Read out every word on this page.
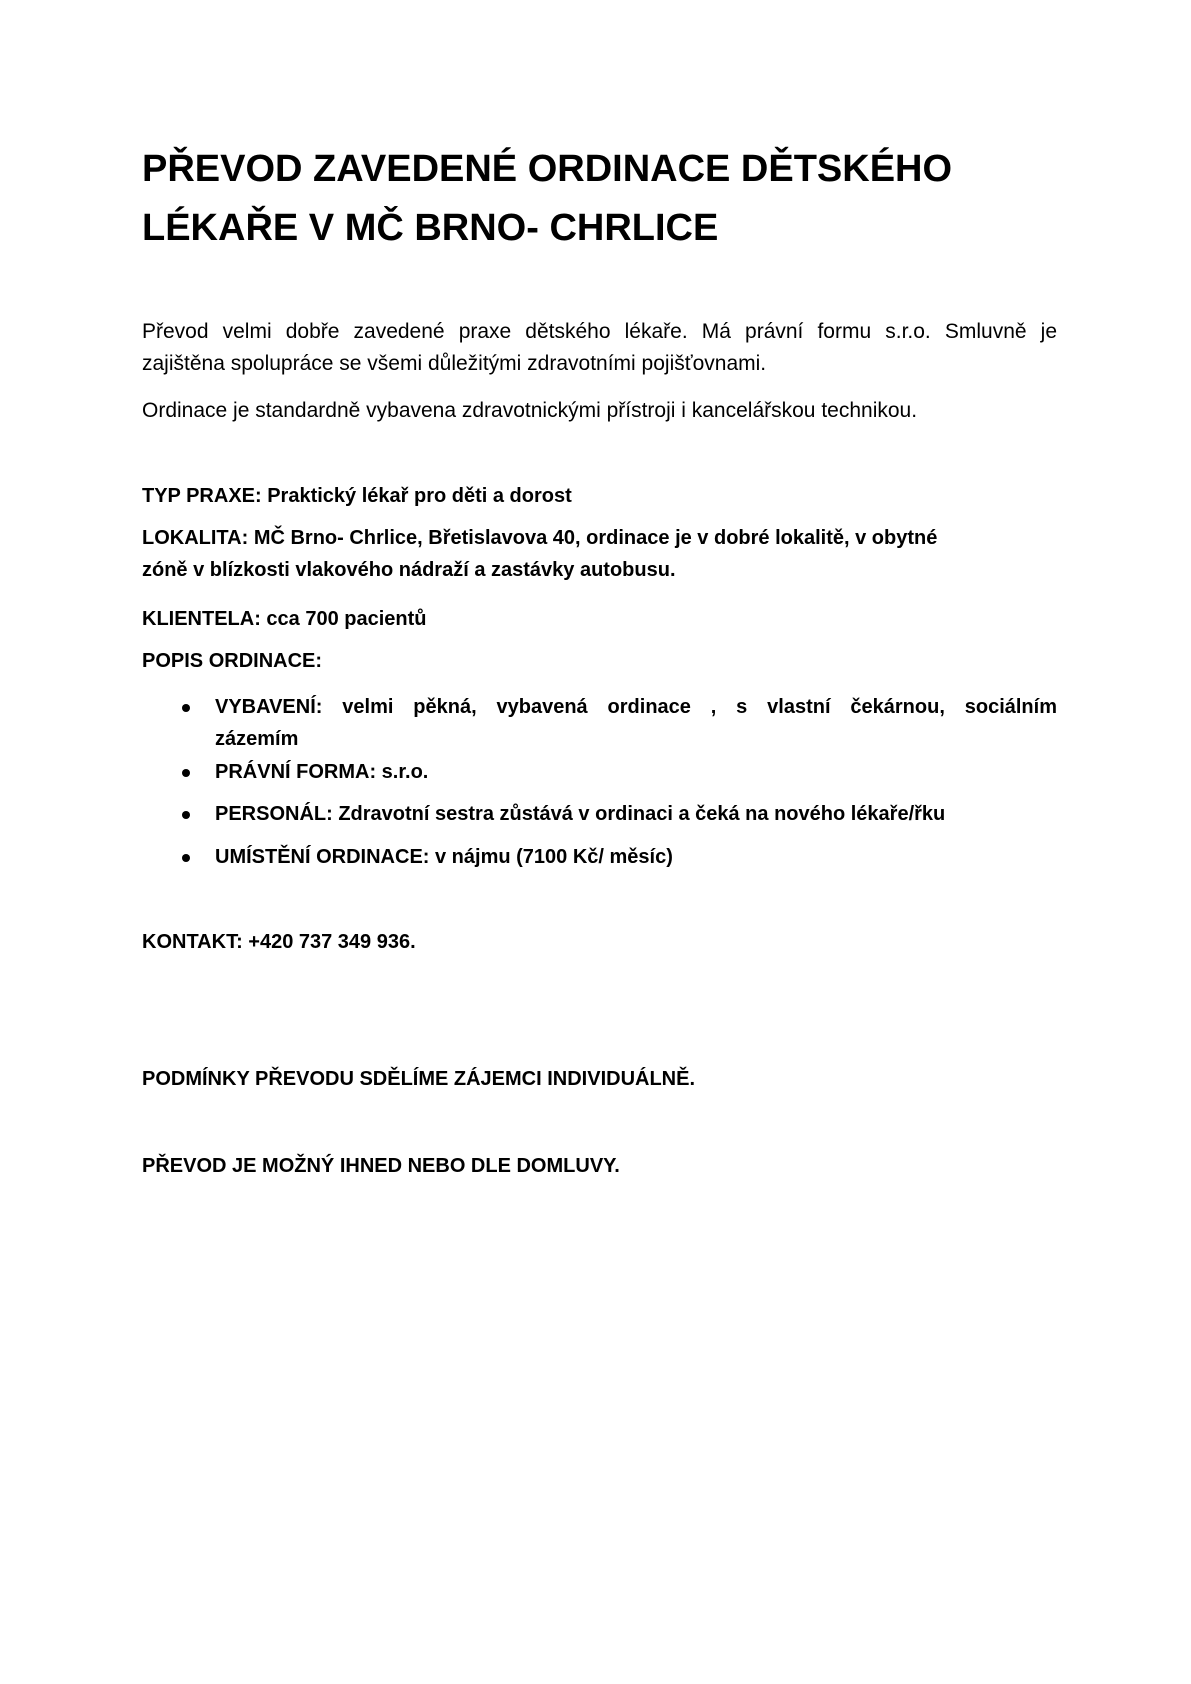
PŘEVOD ZAVEDENÉ ORDINACE DĚTSKÉHO
LÉKAŘE V MČ BRNO- CHRLICE

Převod velmi dobře zavedené praxe dětského lékaře. Má právní formu s.r.o. Smluvně je
zajištěna spolupráce se všemi důležitými zdravotními pojišťovnami.

Ordinace je standardně vybavena zdravotnickými přístroji i kancelářskou technikou.

TYP PRAXE: Praktický lékař pro děti a dorost

LOKALITA: MČ Brno- Chrlice, Břetislavova 40, ordinace je v dobré lokalitě, v obytné
zóně v blízkosti vlakového nádraží a zastávky autobusu.

KLIENTELA: cca 700 pacientů

POPIS ORDINACE:

VYBAVENÍ: velmi pěkná, vybavená ordinace , s vlastní čekárnou, sociálním
zázemím
PRÁVNÍ FORMA: s.r.o.
PERSONÁL: Zdravotní sestra zůstává v ordinaci a čeká na nového lékaře/řku
UMÍSTĚNÍ ORDINACE: v nájmu (7100 Kč/ měsíc)

KONTAKT: +420 737 349 936.

PODMÍNKY PŘEVODU SDĚLÍME ZÁJEMCI INDIVIDUÁLNĚ.

PŘEVOD JE MOŽNÝ IHNED NEBO DLE DOMLUVY.
